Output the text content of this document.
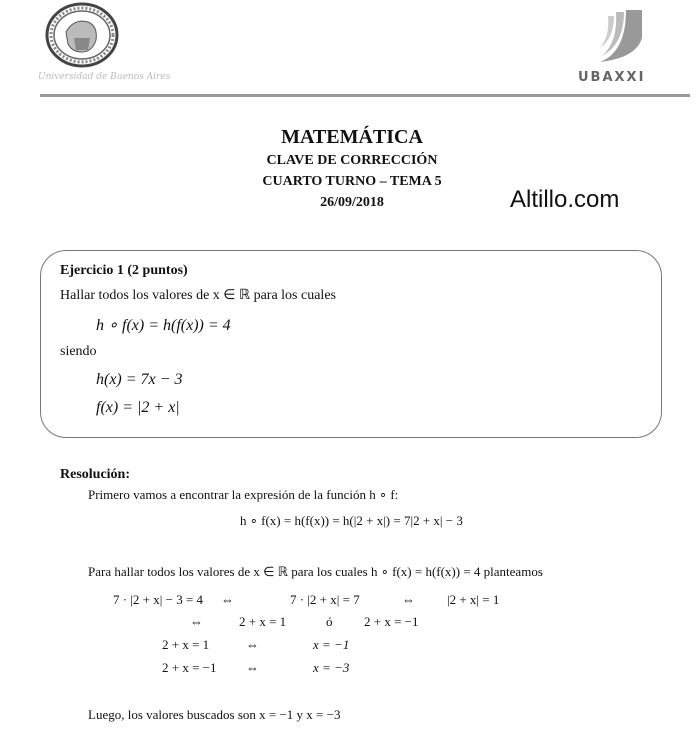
Universidad de Buenos Aires	UBAXXI
MATEMÁTICA
CLAVE DE CORRECCIÓN
CUARTO TURNO – TEMA 5
26/09/2018	Altillo.com
Ejercicio 1 (2 puntos)
Hallar todos los valores de x ∈ ℝ para los cuales
h ∘ f(x) = h(f(x)) = 4
siendo
h(x) = 7x − 3
f(x) = |2 + x|
Resolución:
Primero vamos a encontrar la expresión de la función h ∘ f:
h ∘ f(x) = h(f(x)) = h(|2 + x|) = 7|2 + x| − 3
Para hallar todos los valores de x ∈ ℝ para los cuales h ∘ f(x) = h(f(x)) = 4 planteamos
7 · |2 + x| − 3 = 4 ⇔	7 · |2 + x| = 7	⇔ |2 + x| = 1
⇔	2 + x = 1	ó 2 + x = −1
2 + x = 1	⇔	x = −1
2 + x = −1 ⇔	x = −3
Luego, los valores buscados son x = −1 y x = −3
